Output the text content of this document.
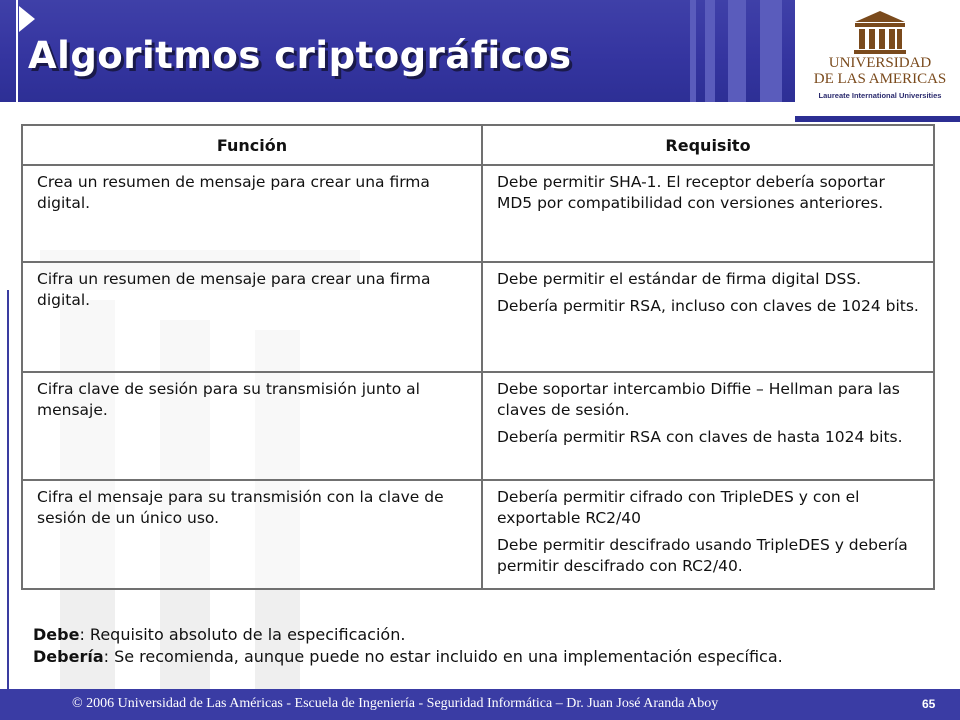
Algoritmos criptográficos	UNIVERSIDAD
DE LAS AMERICAS
Laureate International Universities
Función	Requisito
Crea un resumen de mensaje para crear una firma digital.	Debe permitir SHA-1. El receptor debería soportar MD5 por compatibilidad con versiones anteriores.

Cifra un resumen de mensaje para crear una firma digital.	Debe permitir el estándar de firma digital DSS.

Debería permitir RSA, incluso con claves de 1024 bits.

Cifra clave de sesión para su transmisión junto al mensaje.	Debe soportar intercambio Diffie – Hellman para las claves de sesión.

Debería permitir RSA con claves de hasta 1024 bits.

Cifra el mensaje para su transmisión con la clave de sesión de un único uso.	Debería permitir cifrado con TripleDES y con el exportable RC2/40

Debe permitir descifrado usando TripleDES y debería permitir descifrado con RC2/40.

Debe: Requisito absoluto de la especificación.
Debería: Se recomienda, aunque puede no estar incluido en una implementación específica.
© 2006 Universidad de Las Américas - Escuela de Ingeniería - Seguridad Informática – Dr. Juan José Aranda Aboy	65
